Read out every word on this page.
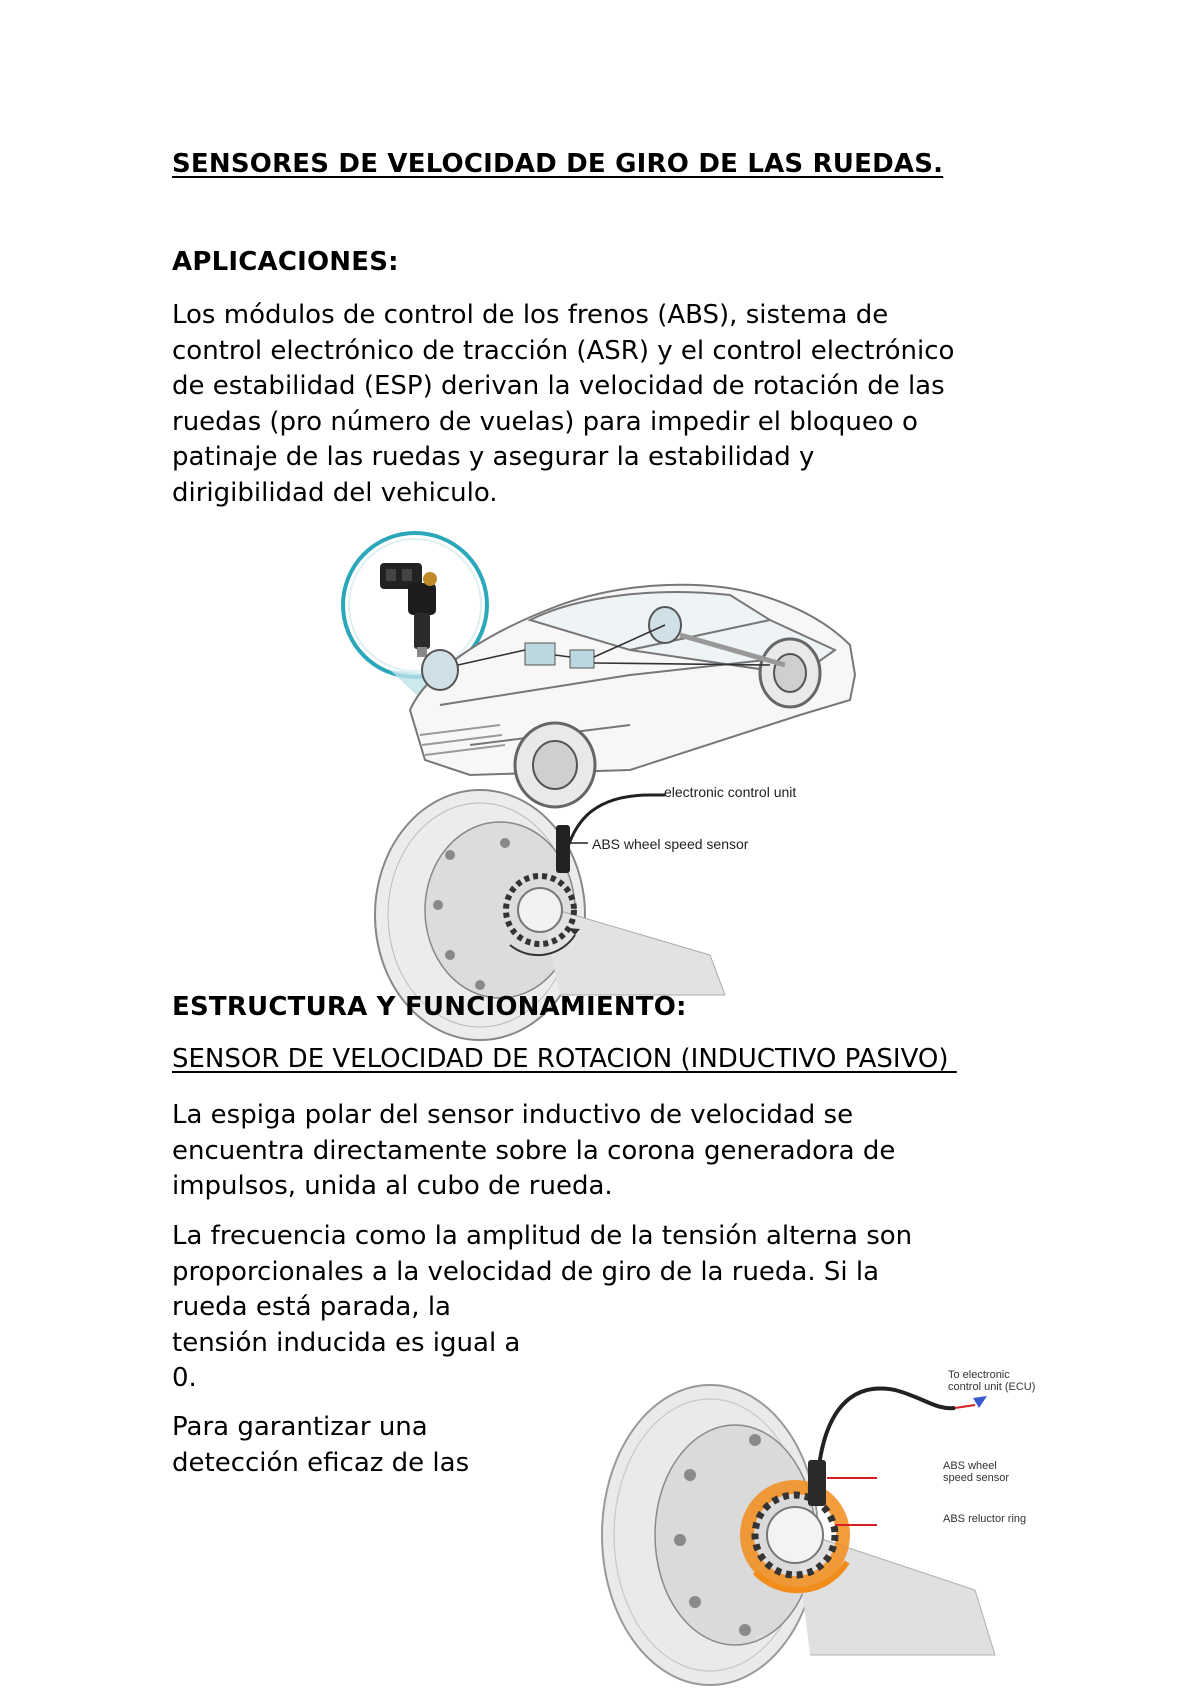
SENSORES DE VELOCIDAD DE GIRO DE LAS RUEDAS.

APLICACIONES:

Los módulos de control de los frenos (ABS), sistema de
control electrónico de tracción (ASR) y el control electrónico
de estabilidad (ESP) derivan la velocidad de rotación de las
ruedas (pro número de vuelas) para impedir el bloqueo o
patinaje de las ruedas y asegurar la estabilidad y
dirigibilidad del vehiculo.
electronic control unit
ABS wheel speed sensor

ESTRUCTURA Y FUNCIONAMIENTO:

SENSOR DE VELOCIDAD DE ROTACION (INDUCTIVO PASIVO)

La espiga polar del sensor inductivo de velocidad se
encuentra directamente sobre la corona generadora de
impulsos, unida al cubo de rueda.
La frecuencia como la amplitud de la tensión alterna son
proporcionales a la velocidad de giro de la rueda. Si la
rueda está parada, la
tensión inducida es igual a
0.
Para garantizar una
detección eficaz de las
To electronic
control unit (ECU)
ABS wheel
speed sensor
ABS reluctor ring
